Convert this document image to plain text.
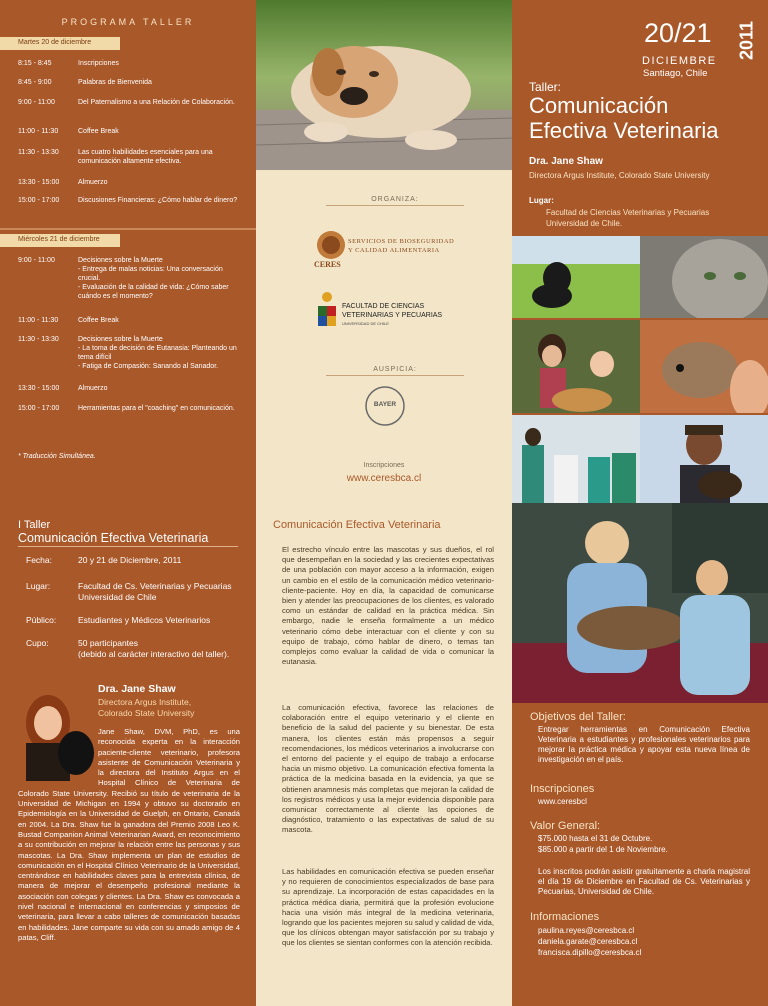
PROGRAMA TALLER
Martes 20 de diciembre
8:15 - 8:45	Inscripciones
8:45 - 9:00	Palabras de Bienvenida
9:00 - 11:00	Del Paternalismo a una Relación de Colaboración.
11:00 - 11:30	Coffee Break
11:30 - 13:30	Las cuatro habilidades esenciales para una comunicación altamente efectiva.
13:30 - 15:00	Almuerzo
15:00 - 17:00	Discusiones Financieras: ¿Cómo hablar de dinero?
Miércoles 21 de diciembre
9:00 - 11:00	Decisiones sobre la Muerte
- Entrega de malas noticias: Una conversación crucial.
- Evaluación de la calidad de vida: ¿Cómo saber cuándo es el momento?
11:00 - 11:30	Coffee Break
11:30 - 13:30	Decisiones sobre la Muerte
- La toma de decisión de Eutanasia: Planteando un tema difícil
- Fatiga de Compasión: Sanando al Sanador.
13:30 - 15:00	Almuerzo
15:00 - 17:00	Herramientas para el "coaching" en comunicación.
* Traducción Simultánea.
ORGANIZA:
CERES
SERVICIOS DE BIOSEGURIDAD
Y CALIDAD ALIMENTARIA
FACULTAD DE CIENCIAS
VETERINARIAS Y PECUARIAS
UNIVERSIDAD DE CHILE
AUSPICIA:
BAYER
Inscripciones
www.ceresbca.cl
20/21
DICIEMBRE
Santiago, Chile
2011
Taller:
Comunicación
Efectiva Veterinaria
Dra. Jane Shaw
Directora Argus Institute, Colorado State University
Lugar:
Facultad de Ciencias Veterinarias y Pecuarias
Universidad de Chile.
I Taller
Comunicación Efectiva Veterinaria
Fecha:	20 y 21 de Diciembre, 2011
Lugar:	Facultad de Cs. Veterinarias y Pecuarias
Universidad de Chile
Público:	Estudiantes y Médicos Veterinarios
Cupo:	50 participantes
(debido al carácter interactivo del taller).
Dra. Jane Shaw
Directora Argus Institute,
Colorado State University
Jane Shaw, DVM, PhD, es una reconocida experta en la interacción paciente-cliente veterinario, profesora asistente de Comunicación Veterinaria y la directora del Instituto Argus en el Hospital Clínico de Veterinaria de Colorado State University. Recibió su título de veterinaria de la Universidad de Michigan en 1994 y obtuvo su doctorado en Epidemiología en la Universidad de Guelph, en Ontario, Canadá en 2004. La Dra. Shaw fue la ganadora del Premio 2008 Leo K. Bustad Companion Animal Veterinarian Award, en reconocimiento a su contribución en mejorar la relación entre las personas y sus mascotas. La Dra. Shaw implementa un plan de estudios de comunicación en el Hospital Clínico Veterinario de la Universidad, centrándose en habilidades claves para la entrevista clínica, de manera de mejorar el desempeño profesional mediante la asociación con colegas y clientes. La Dra. Shaw es convocada a nivel nacional e internacional en conferencias y simposios de veterinaria, para llevar a cabo talleres de comunicación basadas en habilidades. Jane comparte su vida con su amado amigo de 4 patas, Cliff.
Comunicación Efectiva Veterinaria
El estrecho vínculo entre las mascotas y sus dueños, el rol que desempeñan en la sociedad y las crecientes expectativas de una población con mayor acceso a la información, exigen un cambio en el estilo de la comunicación médico veterinario-cliente-paciente. Hoy en día, la capacidad de comunicarse bien y atender las preocupaciones de los clientes, es valorado como un estándar de calidad en la práctica médica. Sin embargo, nadie le enseña formalmente a un médico veterinario cómo debe interactuar con el cliente y con su equipo de trabajo, cómo hablar de dinero, o temas tan complejos como evaluar la calidad de vida o comunicar la eutanasia.
La comunicación efectiva, favorece las relaciones de colaboración entre el equipo veterinario y el cliente en beneficio de la salud del paciente y su bienestar. De esta manera, los clientes están más propensos a seguir recomendaciones, los médicos veterinarios a involucrarse con el entorno del paciente y el equipo de trabajo a enfocarse hacia un mismo objetivo. La comunicación efectiva fomenta la práctica de la medicina basada en la evidencia, ya que se obtienen anamnesis más completas que mejoran la calidad de los registros médicos y usa la mejor evidencia disponible para comunicar correctamente al cliente las opciones de diagnóstico, tratamiento o las expectativas de salud de su mascota.
Las habilidades en comunicación efectiva se pueden enseñar y no requieren de conocimientos especializados de base para su aprendizaje. La incorporación de estas capacidades en la práctica médica diaria, permitirá que la profesión evolucione hacia una visión más integral de la medicina veterinaria, logrando que los pacientes mejoren su salud y calidad de vida, que los clínicos obtengan mayor satisfacción por su trabajo y que los clientes se sientan conformes con la atención recibida.
Objetivos del Taller:
Entregar herramientas en Comunicación Efectiva Veterinaria a estudiantes y profesionales veterinarios para mejorar la práctica médica y apoyar esta nueva línea de investigación en el país.
Inscripciones
www.ceresbcl
Valor General:
$75.000 hasta el 31 de Octubre.
$85.000 a partir del 1 de Noviembre.
Los inscritos podrán asistir gratuitamente a charla magistral el día 19 de Diciembre en Facultad de Cs. Veterinarias y Pecuarias, Universidad de Chile.
Informaciones
paulina.reyes@ceresbca.cl
daniela.garate@ceresbca.cl
francisca.dipillo@ceresbca.cl
